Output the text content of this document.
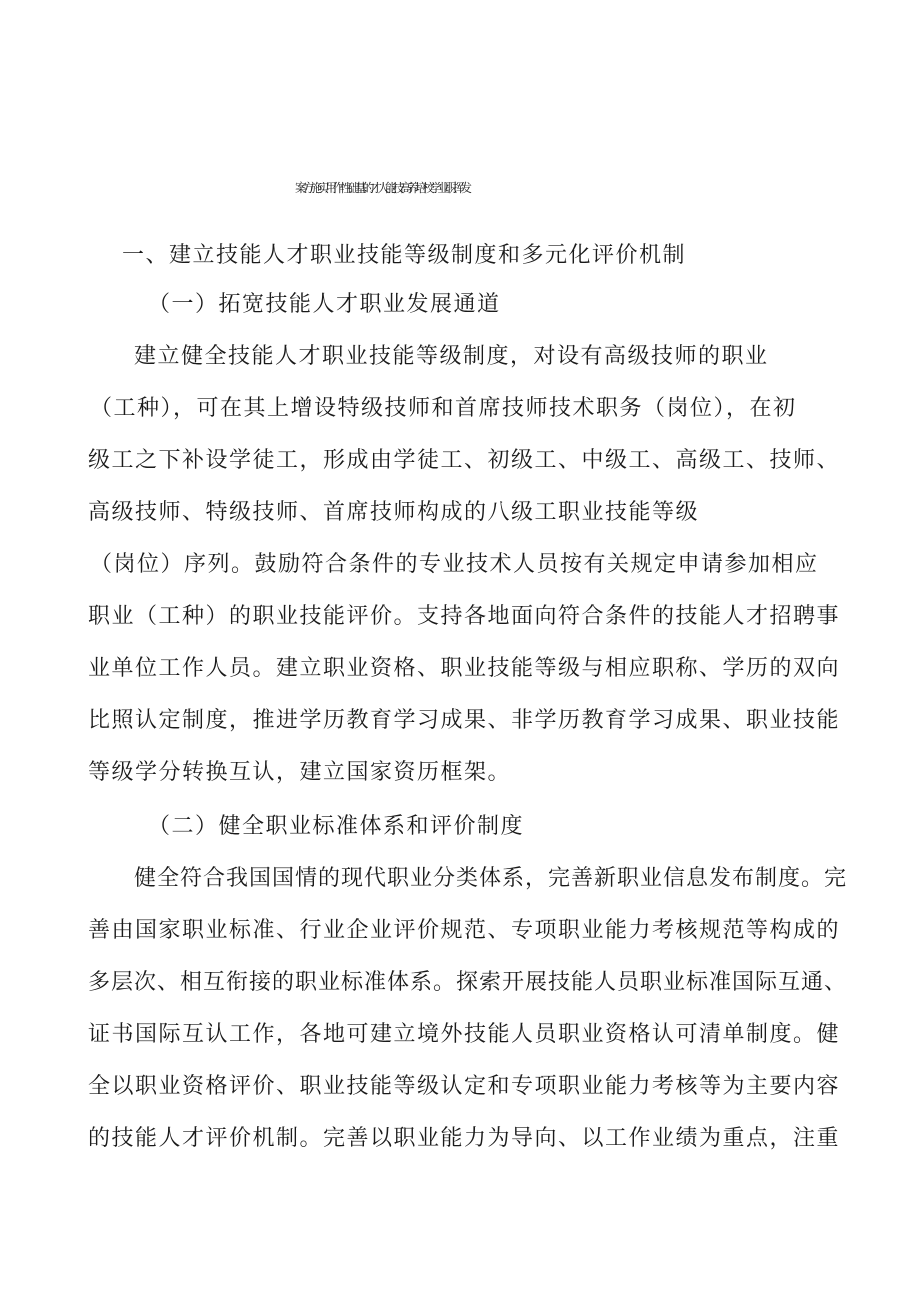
一、建立技能人才职业技能等级制度和多元化评价机制
（一）拓宽技能人才职业发展通道
建立健全技能人才职业技能等级制度，对设有高级技师的职业
（工种），可在其上增设特级技师和首席技师技术职务（岗位），在初
级工之下补设学徒工，形成由学徒工、初级工、中级工、高级工、技师、
高级技师、特级技师、首席技师构成的八级工职业技能等级
（岗位）序列。鼓励符合条件的专业技术人员按有关规定申请参加相应
职业（工种）的职业技能评价。支持各地面向符合条件的技能人才招聘事
业单位工作人员。建立职业资格、职业技能等级与相应职称、学历的双向
比照认定制度，推进学历教育学习成果、非学历教育学习成果、职业技能
等级学分转换互认，建立国家资历框架。
（二）健全职业标准体系和评价制度
健全符合我国国情的现代职业分类体系，完善新职业信息发布制度。完
善由国家职业标准、行业企业评价规范、专项职业能力考核规范等构成的
多层次、相互衔接的职业标准体系。探索开展技能人员职业标准国际互通、
证书国际互认工作，各地可建立境外技能人员职业资格认可清单制度。健
全以职业资格评价、职业技能等级认定和专项职业能力考核等为主要内容
的技能人才评价机制。完善以职业能力为导向、以工作业绩为重点，注重
